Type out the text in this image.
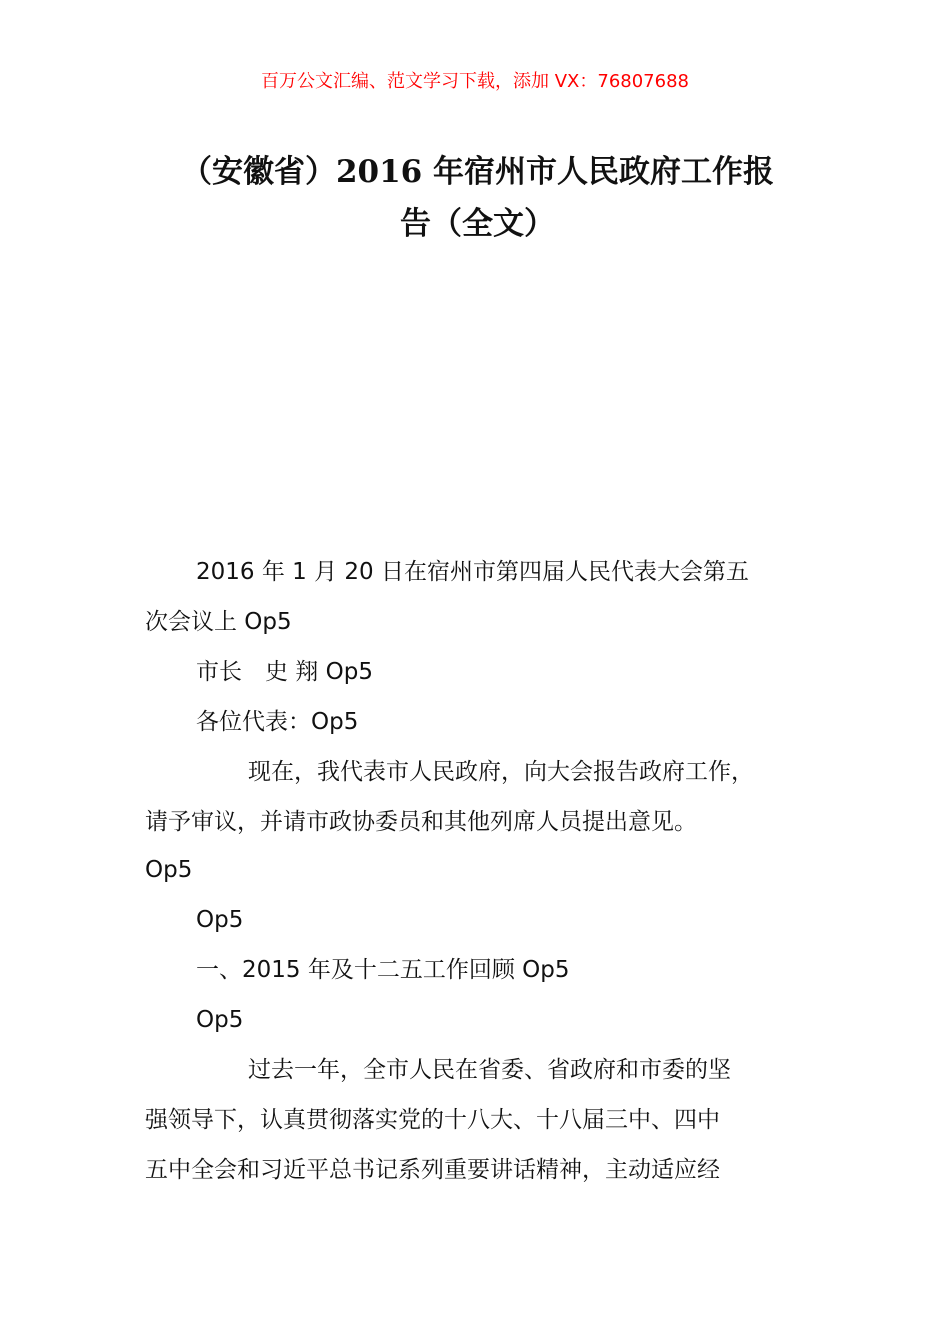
百万公文汇编、范文学习下载，添加 VX：76807688
（安徽省）2016 年宿州市人民政府工作报
告（全文）
2016 年 1 月 20 日在宿州市第四届人民代表大会第五
次会议上 Op5
市长　史 翔 Op5
各位代表：Op5
现在，我代表市人民政府，向大会报告政府工作，
请予审议，并请市政协委员和其他列席人员提出意见。
Op5
Op5
一、2015 年及十二五工作回顾 Op5
Op5
过去一年，全市人民在省委、省政府和市委的坚
强领导下，认真贯彻落实党的十八大、十八届三中、四中
五中全会和习近平总书记系列重要讲话精神，主动适应经
